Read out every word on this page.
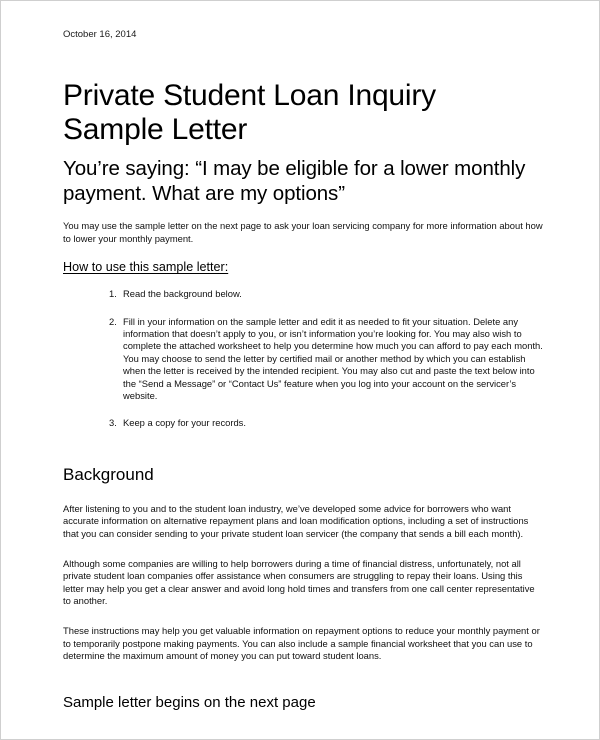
October 16, 2014

Private Student Loan Inquiry
Sample Letter
You’re saying: “I may be eligible for a lower monthly payment. What are my options”

You may use the sample letter on the next page to ask your loan servicing company for more information about how to lower your monthly payment.

How to use this sample letter:
Read the background below.
Fill in your information on the sample letter and edit it as needed to fit your situation. Delete any information that doesn’t apply to you, or isn’t information you’re looking for. You may also wish to complete the attached worksheet to help you determine how much you can afford to pay each month. You may choose to send the letter by certified mail or another method by which you can establish when the letter is received by the intended recipient. You may also cut and paste the text below into the “Send a Message” or “Contact Us” feature when you log into your account on the servicer’s website.
Keep a copy for your records.
Background

After listening to you and to the student loan industry, we’ve developed some advice for borrowers who want accurate information on alternative repayment plans and loan modification options, including a set of instructions that you can consider sending to your private student loan servicer (the company that sends a bill each month).

Although some companies are willing to help borrowers during a time of financial distress, unfortunately, not all private student loan companies offer assistance when consumers are struggling to repay their loans. Using this letter may help you get a clear answer and avoid long hold times and transfers from one call center representative to another.

These instructions may help you get valuable information on repayment options to reduce your monthly payment or to temporarily postpone making payments. You can also include a sample financial worksheet that you can use to determine the maximum amount of money you can put toward student loans.

Sample letter begins on the next page
